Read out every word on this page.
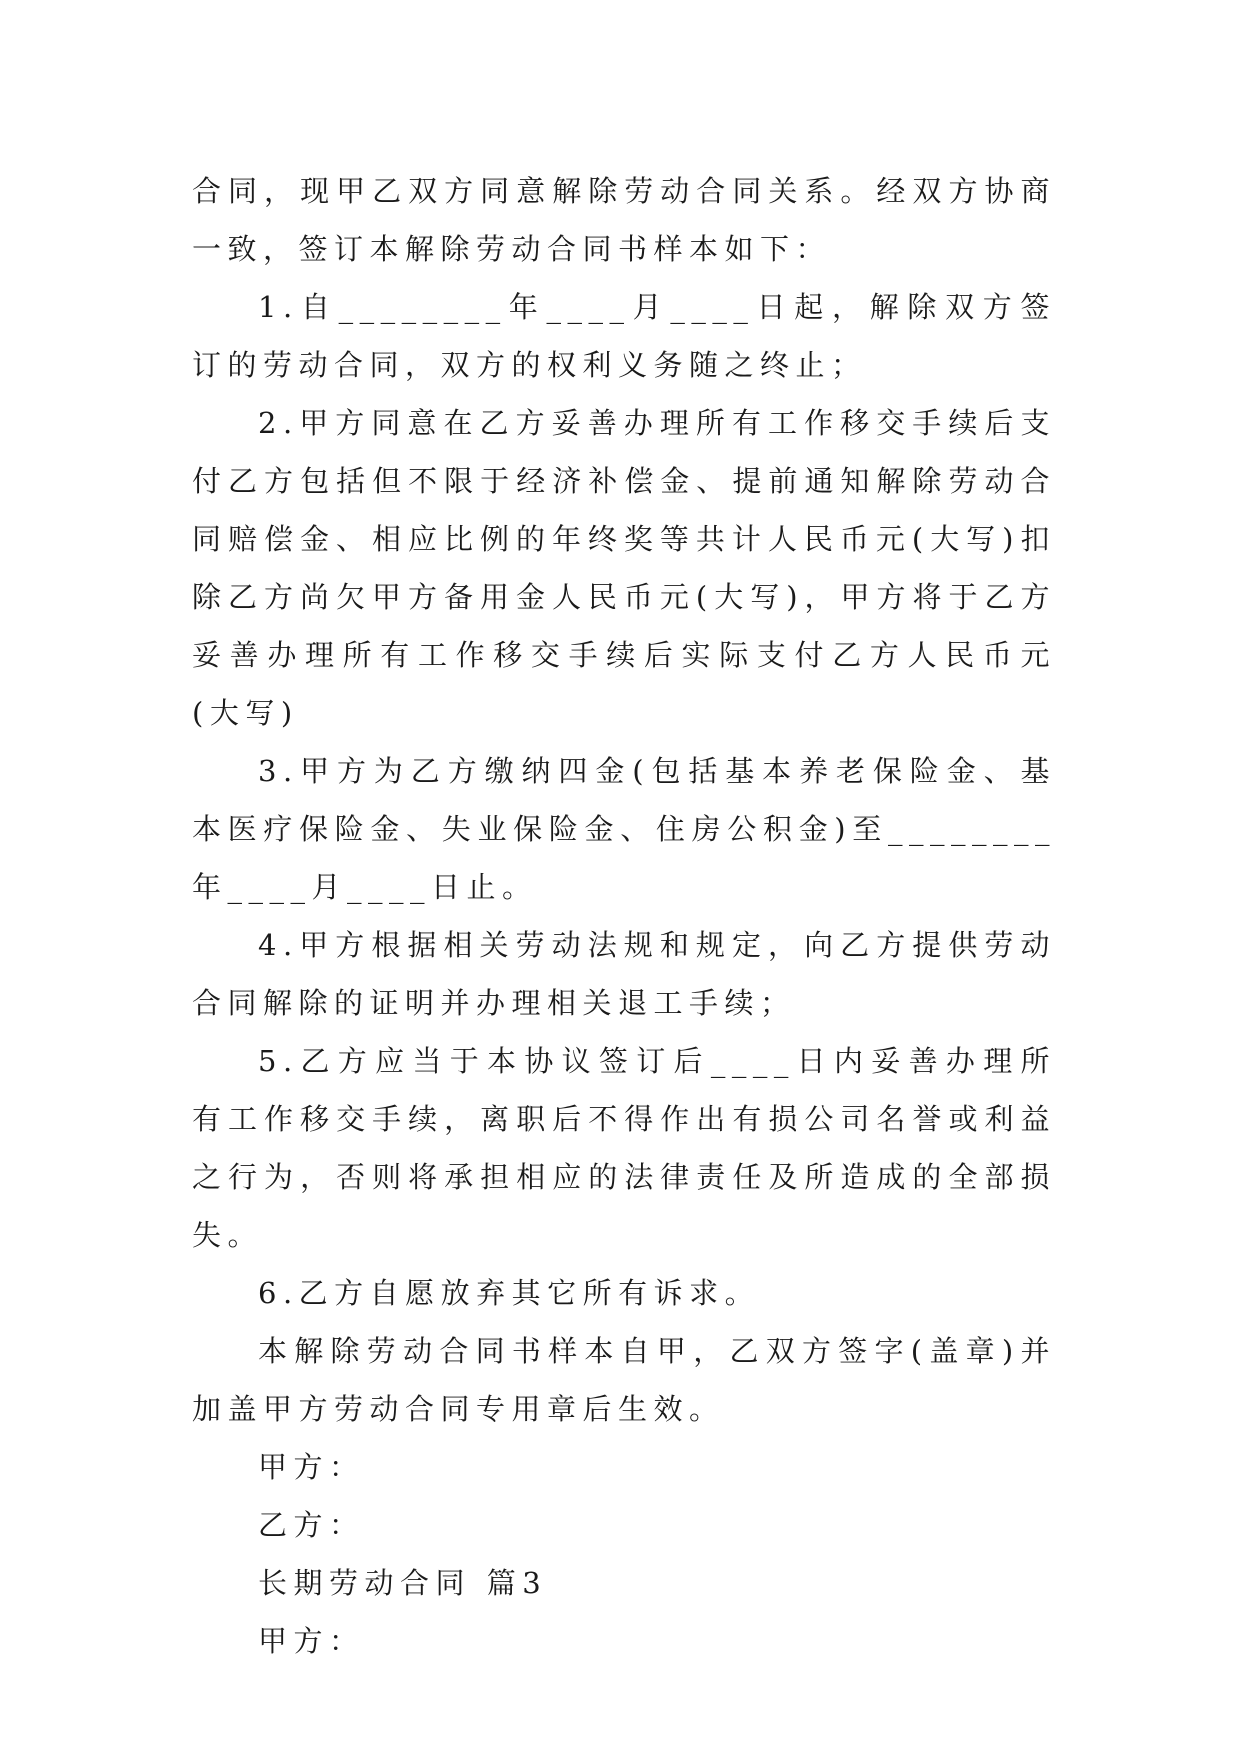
合同，现甲乙双方同意解除劳动合同关系。经双方协商一致，签订本解除劳动合同书样本如下：

1.自________年____月____日起，解除双方签订的劳动合同，双方的权利义务随之终止；

2.甲方同意在乙方妥善办理所有工作移交手续后支付乙方包括但不限于经济补偿金、提前通知解除劳动合同赔偿金、相应比例的年终奖等共计人民币元(大写)扣除乙方尚欠甲方备用金人民币元(大写)，甲方将于乙方妥善办理所有工作移交手续后实际支付乙方人民币元(大写)

3.甲方为乙方缴纳四金(包括基本养老保险金、基本医疗保险金、失业保险金、住房公积金)至________年____月____日止。

4.甲方根据相关劳动法规和规定，向乙方提供劳动合同解除的证明并办理相关退工手续；

5.乙方应当于本协议签订后____日内妥善办理所有工作移交手续，离职后不得作出有损公司名誉或利益之行为，否则将承担相应的法律责任及所造成的全部损失。

6.乙方自愿放弃其它所有诉求。

本解除劳动合同书样本自甲，乙双方签字(盖章)并加盖甲方劳动合同专用章后生效。

甲方：

乙方：

长期劳动合同 篇3

甲方：
